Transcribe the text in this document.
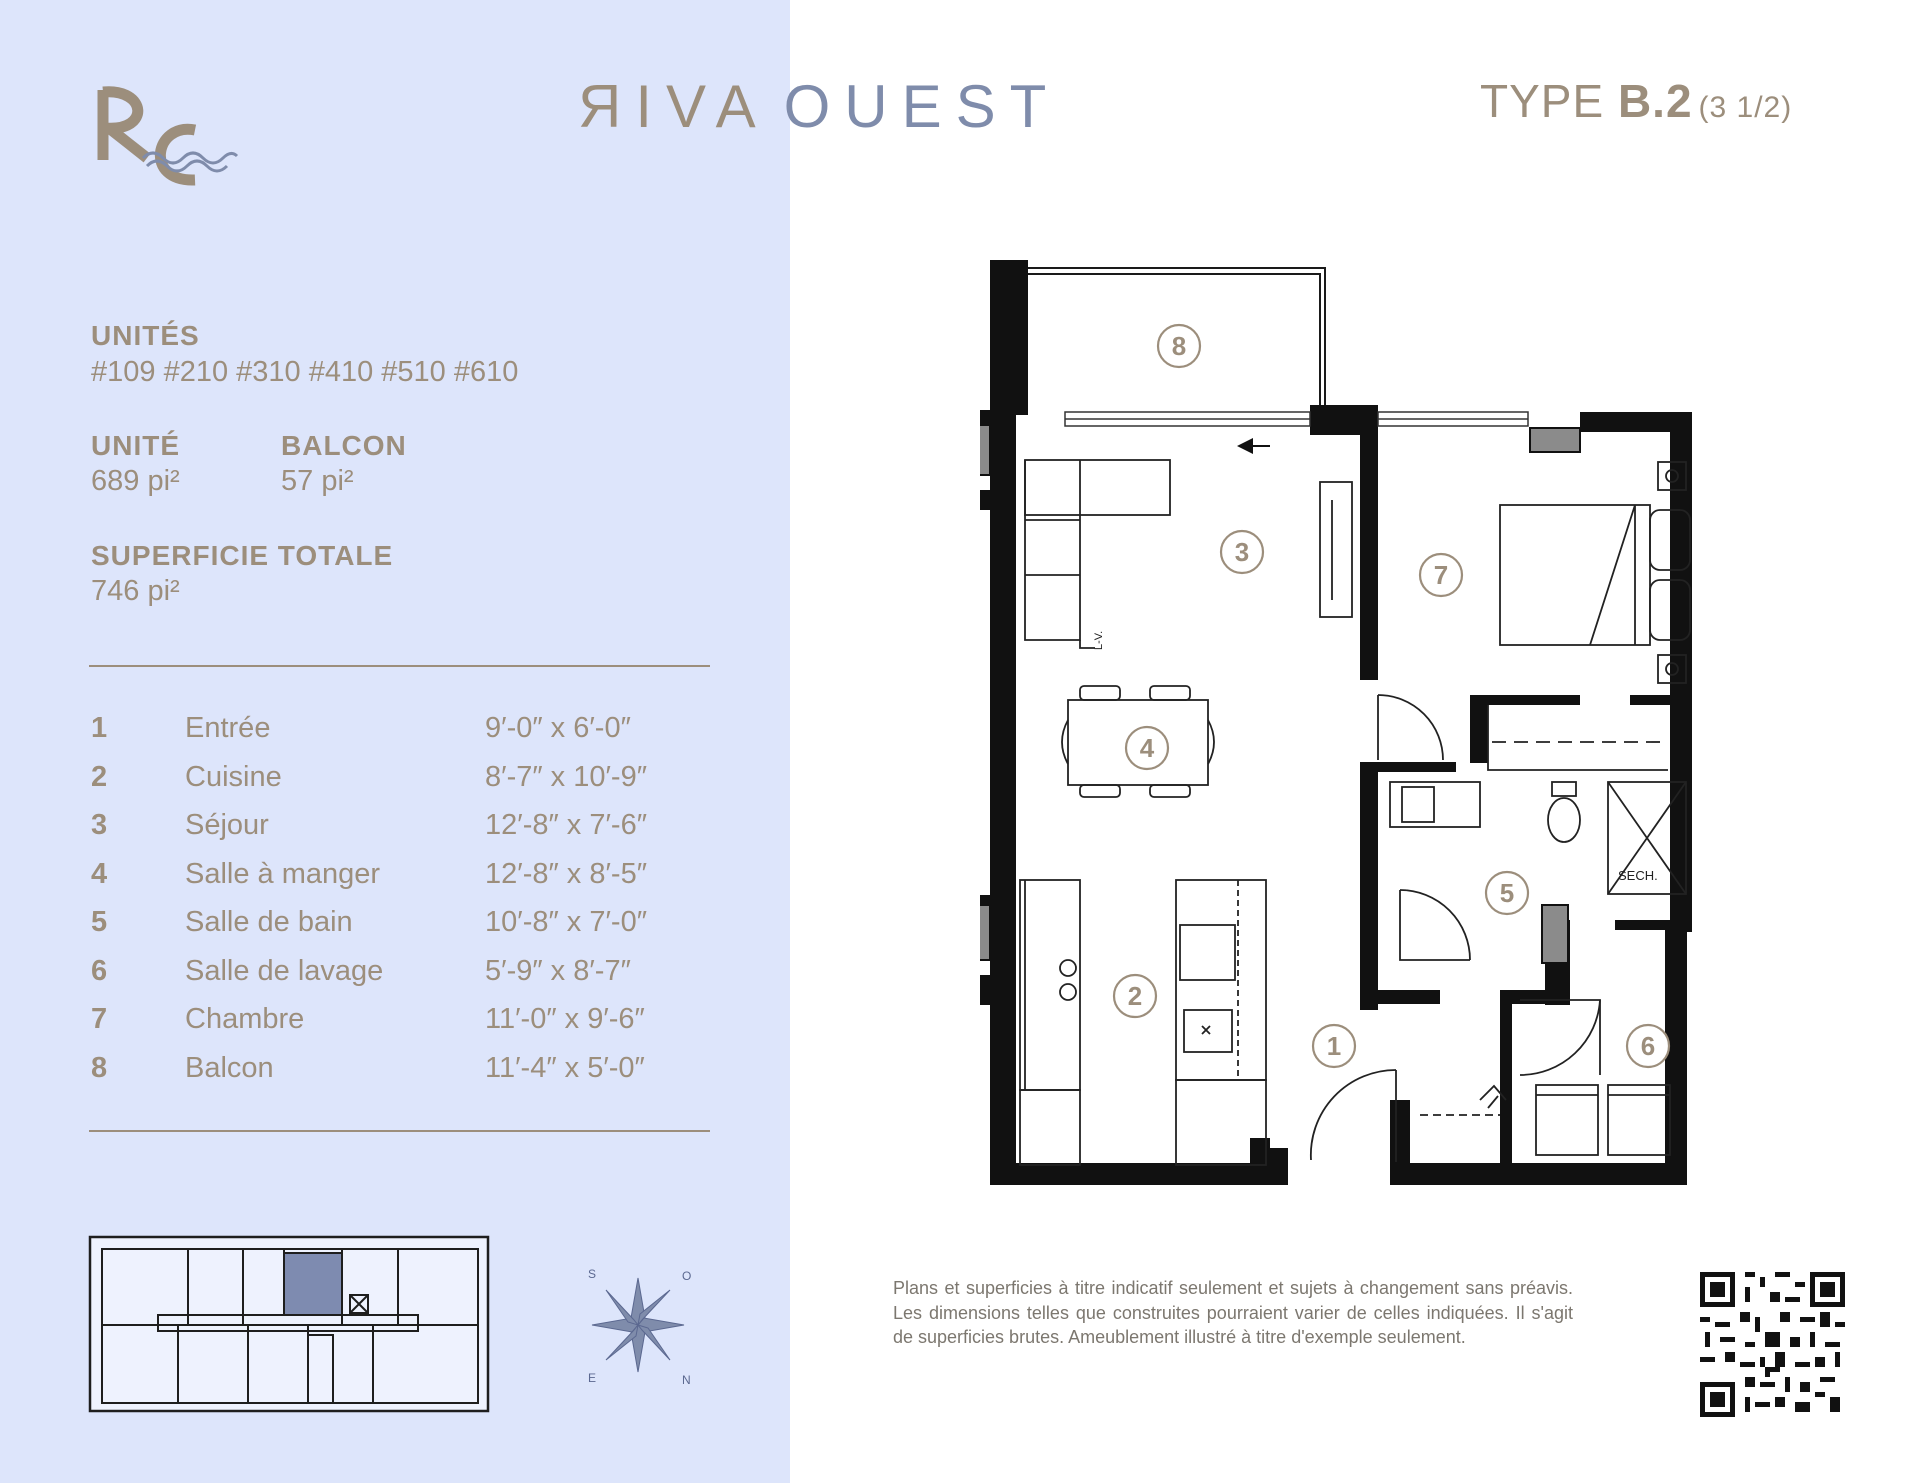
ЯIVA OUEST	TYPE B.2 (3 1/2)
UNITÉS
#109 #210 #310 #410 #510 #610
UNITÉ
689 pi²
BALCON
57 pi²
SUPERFICIE TOTALE
746 pi²
1	Entrée	9′-0″ x 6′-0″
2	Cuisine	8′-7″ x 10′-9″
3	Séjour	12′-8″ x 7′-6″
4	Salle à manger	12′-8″ x 8′-5″
5	Salle de bain	10′-8″ x 7′-0″
6	Salle de lavage	5′-9″ x 8′-7″
7	Chambre	11′-0″ x 9′-6″
8	Balcon	11′-4″ x 5′-0″
S	O
E	N
L-V.
SECH.
8
3
7
4
5
2
1	6
Plans et superficies à titre indicatif seulement et sujets à changement sans préavis. Les dimensions telles que construites pourraient varier de celles indiquées. Il s'agit de superficies brutes. Ameublement illustré à titre d'exemple seulement.
